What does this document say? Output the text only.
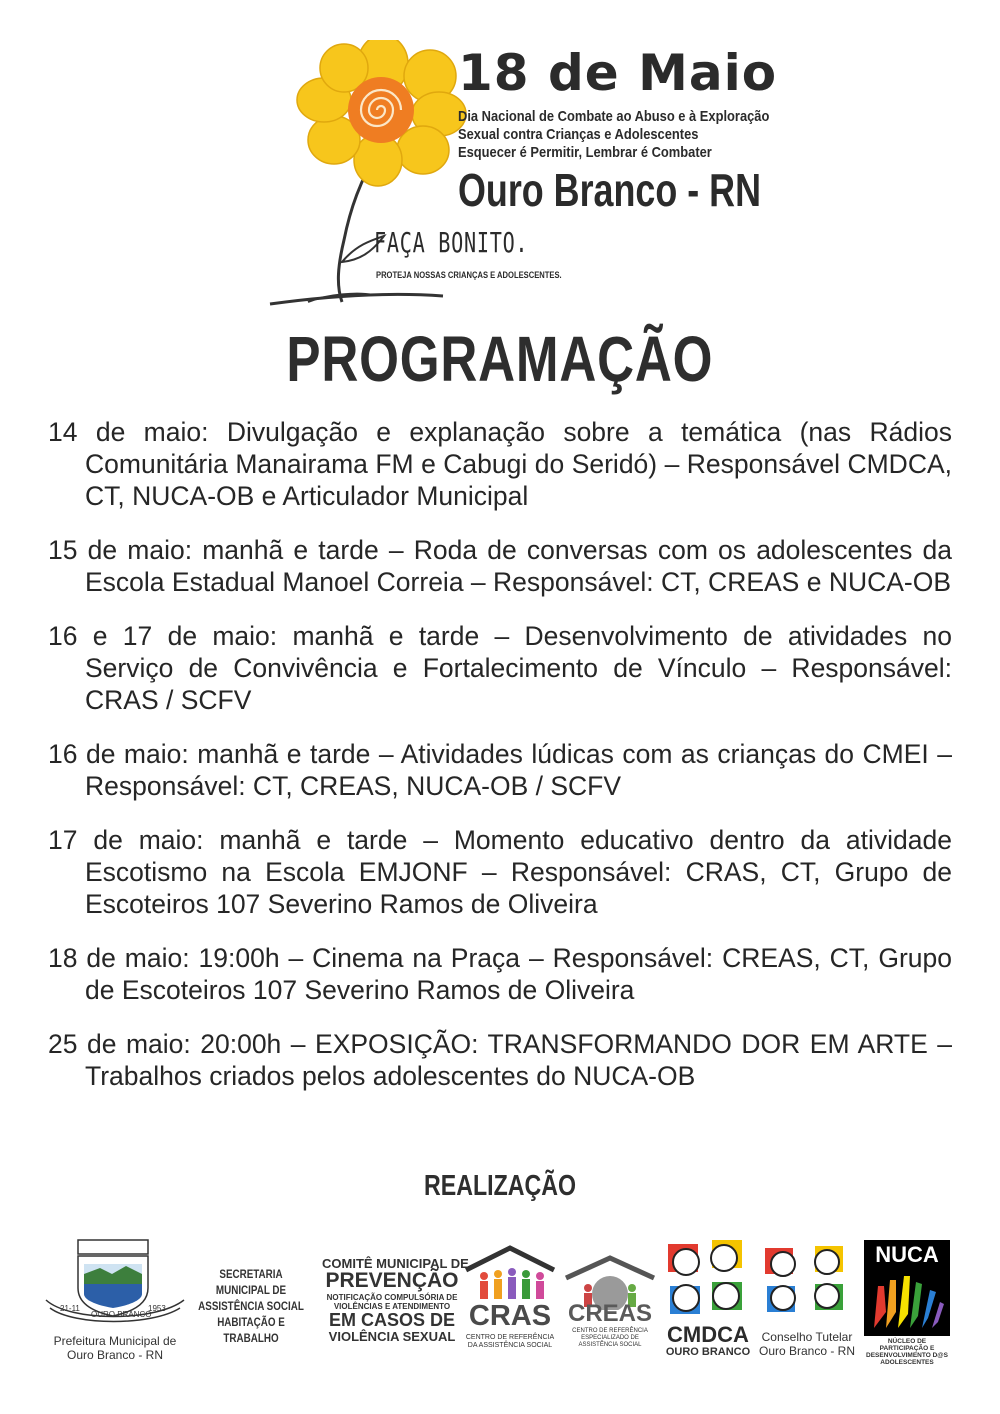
18 de Maio
Dia Nacional de Combate ao Abuso e à Exploração
Sexual contra Crianças e Adolescentes
Esquecer é Permitir, Lembrar é Combater
Ouro Branco - RN
FAÇA BONITO.
PROTEJA NOSSAS CRIANÇAS E ADOLESCENTES.
PROGRAMAÇÃO
14 de maio: Divulgação e explanação sobre a temática (nas Rádios Comunitária Manairama FM e Cabugi do Seridó) – Responsável CMDCA, CT, NUCA-OB e Articulador Municipal
15 de maio: manhã e tarde – Roda de conversas com os adolescentes da Escola Estadual Manoel Correia – Responsável: CT, CREAS e NUCA-OB
16 e 17 de maio: manhã e tarde – Desenvolvimento de atividades no Serviço de Convivência e Fortalecimento de Vínculo – Responsável: CRAS / SCFV
16 de maio: manhã e tarde – Atividades lúdicas com as crianças do CMEI – Responsável: CT, CREAS, NUCA-OB / SCFV
17 de maio: manhã e tarde – Momento educativo dentro da atividade Escotismo na Escola EMJONF – Responsável: CRAS, CT, Grupo de Escoteiros 107 Severino Ramos de Oliveira
18 de maio: 19:00h – Cinema na Praça – Responsável: CREAS, CT, Grupo de Escoteiros 107 Severino Ramos de Oliveira
25 de maio: 20:00h – EXPOSIÇÃO: TRANSFORMANDO DOR EM ARTE – Trabalhos criados pelos adolescentes do NUCA-OB
REALIZAÇÃO
21-11
OURO BRANCO
1953
Prefeitura Municipal de Ouro Branco - RN
SECRETARIA MUNICIPAL DE ASSISTÊNCIA SOCIAL HABITAÇÃO E TRABALHO
COMITÊ MUNICIPAL DE
PREVENÇÃO
NOTIFICAÇÃO COMPULSÓRIA DE VIOLÊNCIAS E ATENDIMENTO
EM CASOS DE
VIOLÊNCIA SEXUAL
CRAS
CENTRO DE REFERÊNCIA DA ASSISTÊNCIA SOCIAL
CREAS
CENTRO DE REFERÊNCIA ESPECIALIZADO DE ASSISTÊNCIA SOCIAL	CMDCA
OURO BRANCO
Conselho Tutelar Ouro Branco - RN
NUCA
NÚCLEO DE PARTICIPAÇÃO E DESENVOLVIMENTO D@S ADOLESCENTES
